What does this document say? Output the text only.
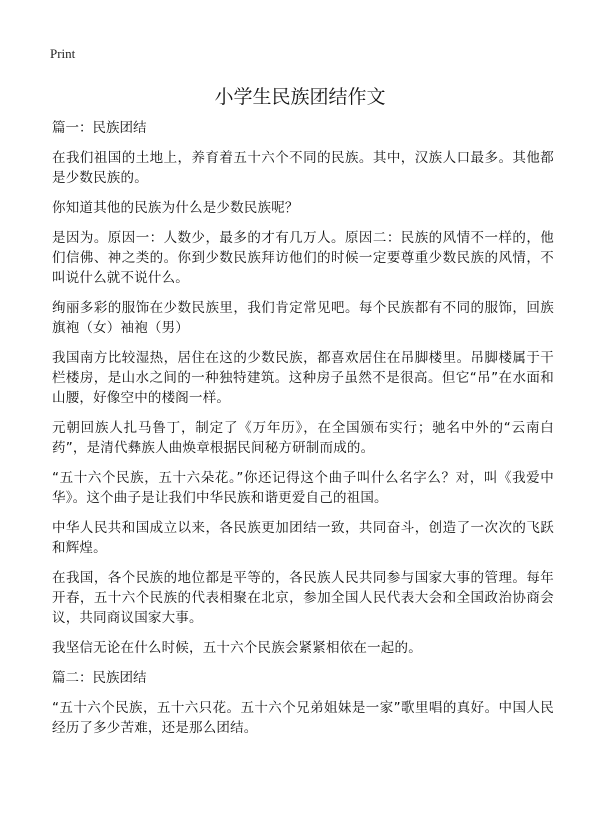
Print
小学生民族团结作文

篇一：民族团结

在我们祖国的土地上，养育着五十六个不同的民族。其中，汉族人口最多。其他都是少数民族的。

你知道其他的民族为什么是少数民族呢？

是因为。原因一：人数少，最多的才有几万人。原因二：民族的风情不一样的，他们信佛、神之类的。你到少数民族拜访他们的时候一定要尊重少数民族的风情，不叫说什么就不说什么。

绚丽多彩的服饰在少数民族里，我们肯定常见吧。每个民族都有不同的服饰，回族旗袍（女）袖袍（男）

我国南方比较湿热，居住在这的少数民族，都喜欢居住在吊脚楼里。吊脚楼属于干栏楼房，是山水之间的一种独特建筑。这种房子虽然不是很高。但它“吊”在水面和山腰，好像空中的楼阁一样。

元朝回族人扎马鲁丁，制定了《万年历》，在全国颁布实行；驰名中外的“云南白药”，是清代彝族人曲焕章根据民间秘方研制而成的。

“五十六个民族，五十六朵花。”你还记得这个曲子叫什么名字么？对，叫《我爱中华》。这个曲子是让我们中华民族和谐更爱自己的祖国。

中华人民共和国成立以来，各民族更加团结一致，共同奋斗，创造了一次次的飞跃和辉煌。

在我国，各个民族的地位都是平等的，各民族人民共同参与国家大事的管理。每年开春，五十六个民族的代表相聚在北京，参加全国人民代表大会和全国政治协商会议，共同商议国家大事。

我坚信无论在什么时候，五十六个民族会紧紧相依在一起的。

篇二：民族团结

“五十六个民族，五十六只花。五十六个兄弟姐妹是一家”歌里唱的真好。中国人民经历了多少苦难，还是那么团结。
